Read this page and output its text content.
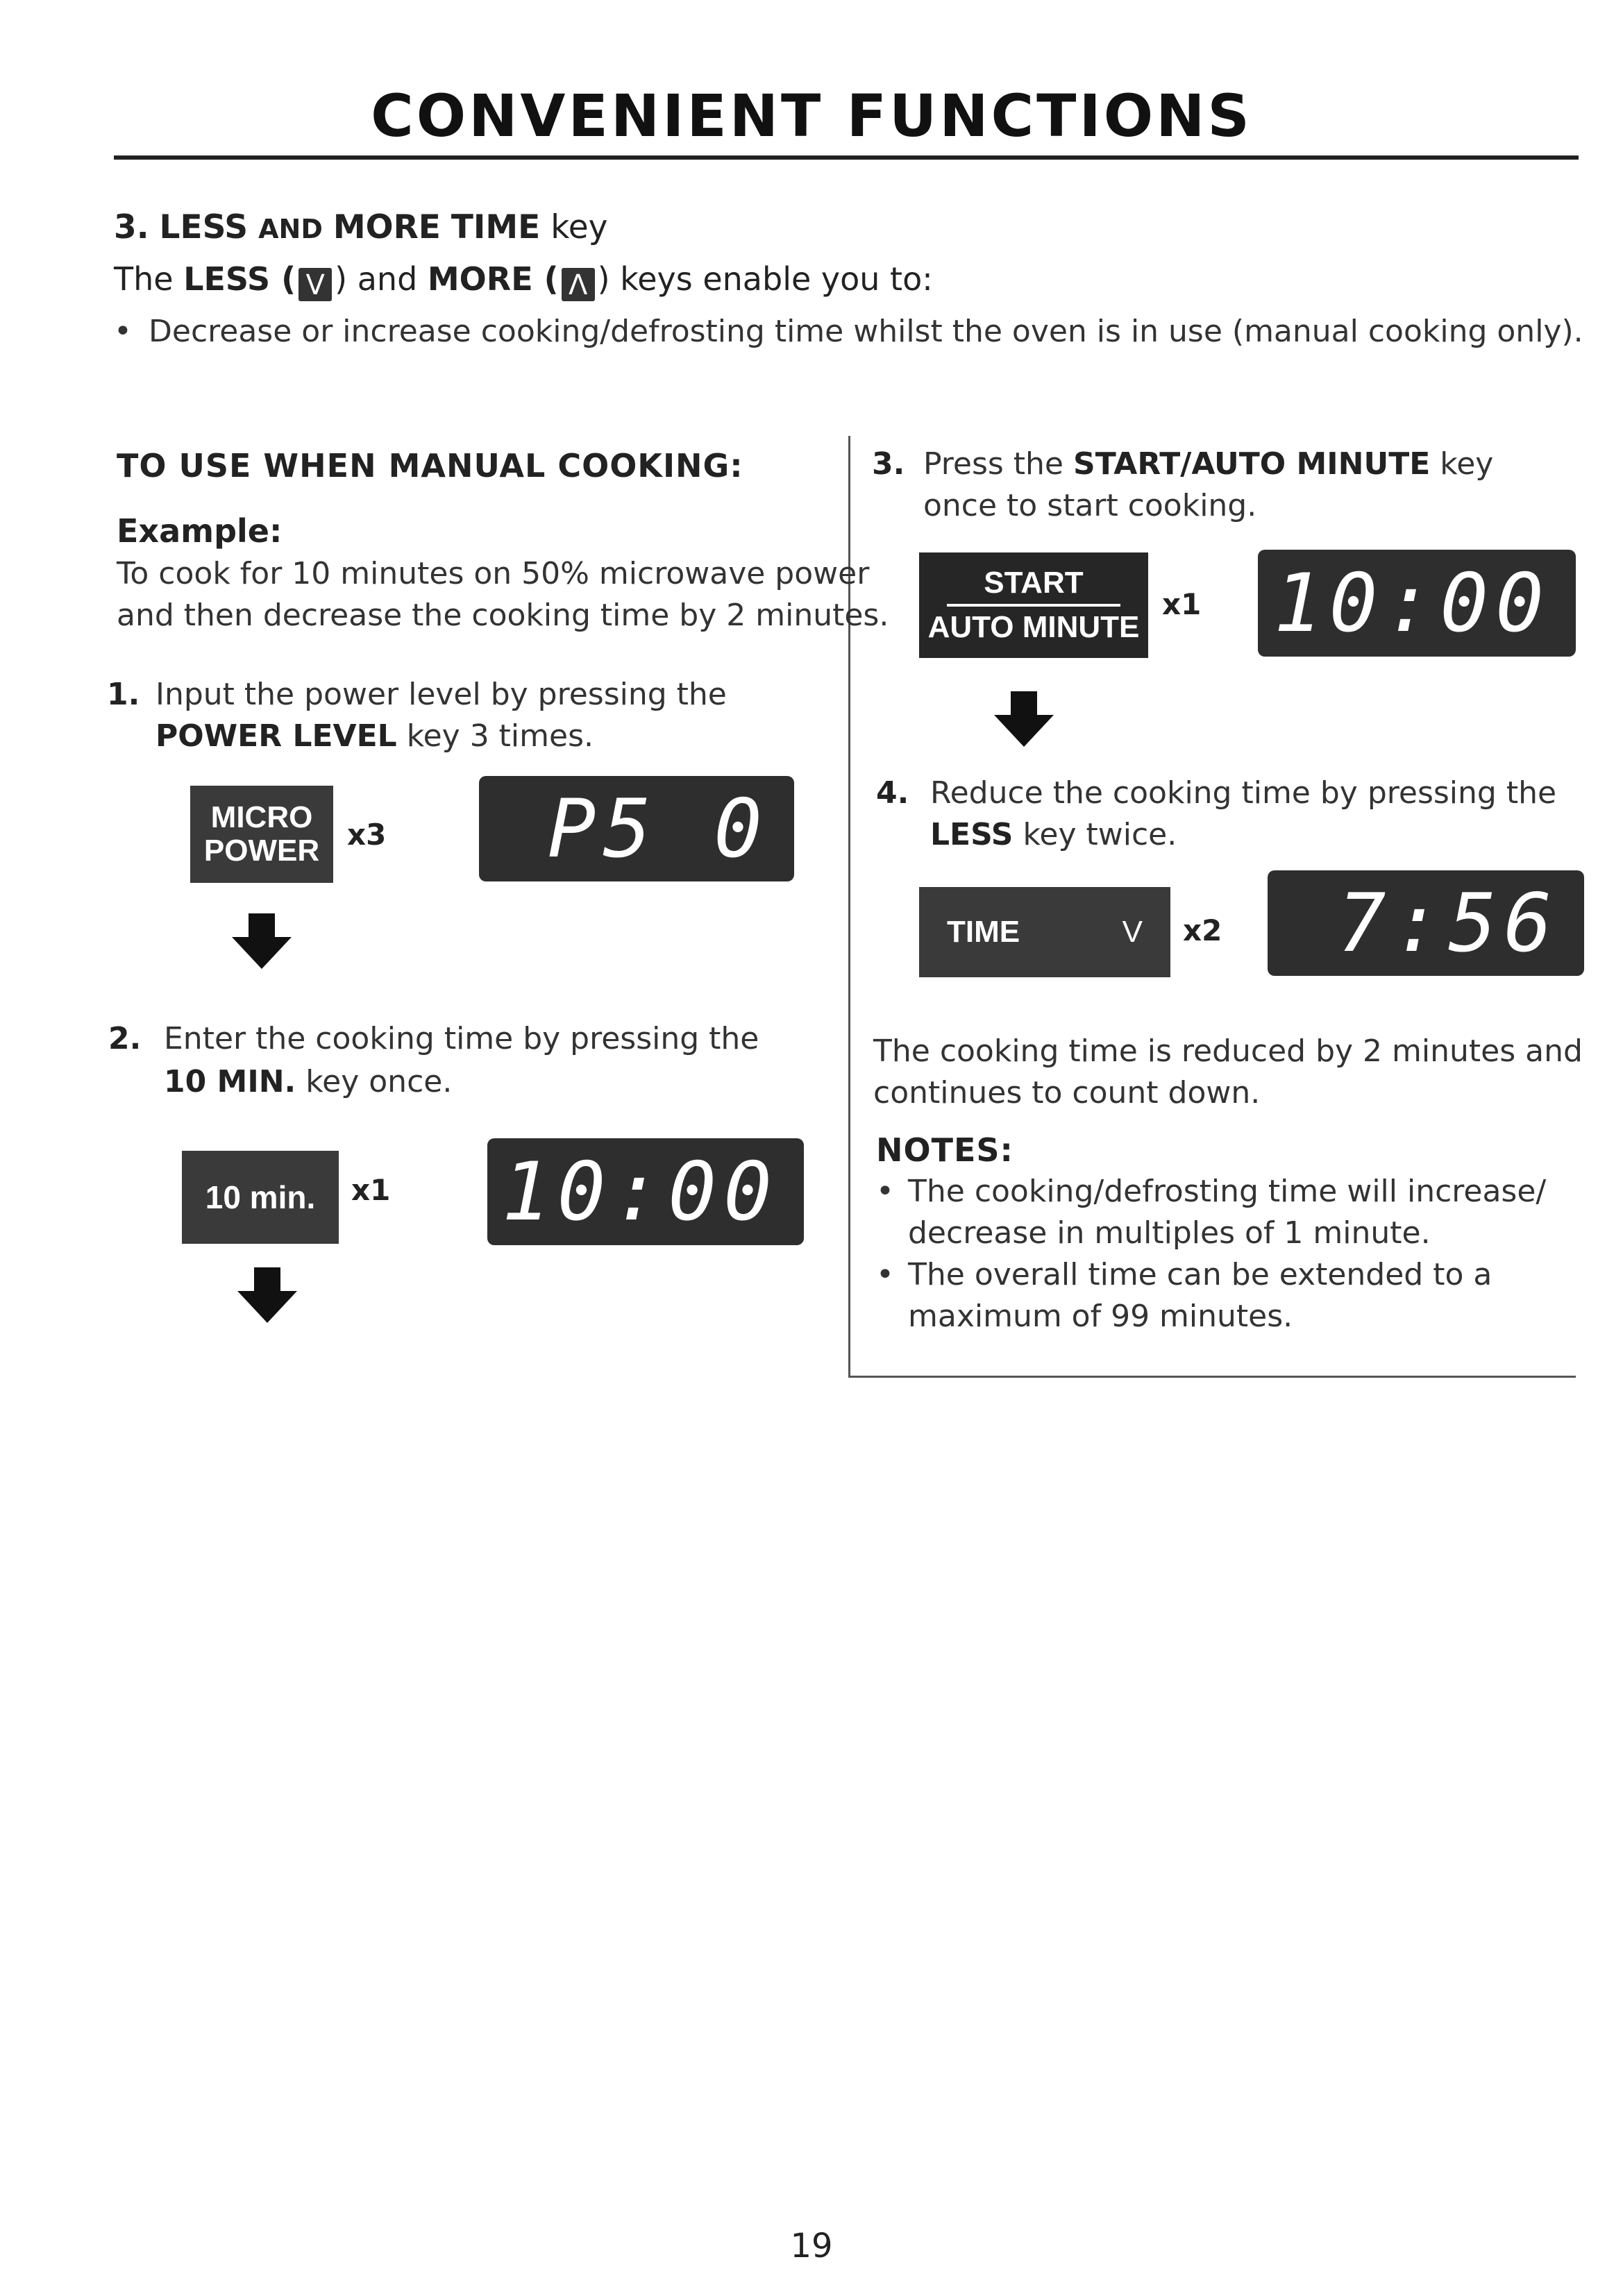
CONVENIENT FUNCTIONS
3. LESS AND MORE TIME key
The LESS ( V ) and MORE ( Λ ) keys enable you to:
• Decrease or increase cooking/defrosting time whilst the oven is in use (manual cooking only).
TO USE WHEN MANUAL COOKING:
Example:
To cook for 10 minutes on 50% microwave power
and then decrease the cooking time by 2 minutes.
1. Input the power level by pressing the
POWER LEVEL key 3 times.
MICRO
POWER x3	P5 0
2. Enter the cooking time by pressing the
10 MIN. key once.
10 min.	x1 10:00
3. Press the START/AUTO MINUTE key
once to start cooking.
START
AUTO MINUTE
x1 10:00
4. Reduce the cooking time by pressing the
LESS key twice.
TIME	V x2	7:56
The cooking time is reduced by 2 minutes and
continues to count down.
NOTES:
• The cooking/defrosting time will increase/
decrease in multiples of 1 minute.
• The overall time can be extended to a
maximum of 99 minutes.
19
